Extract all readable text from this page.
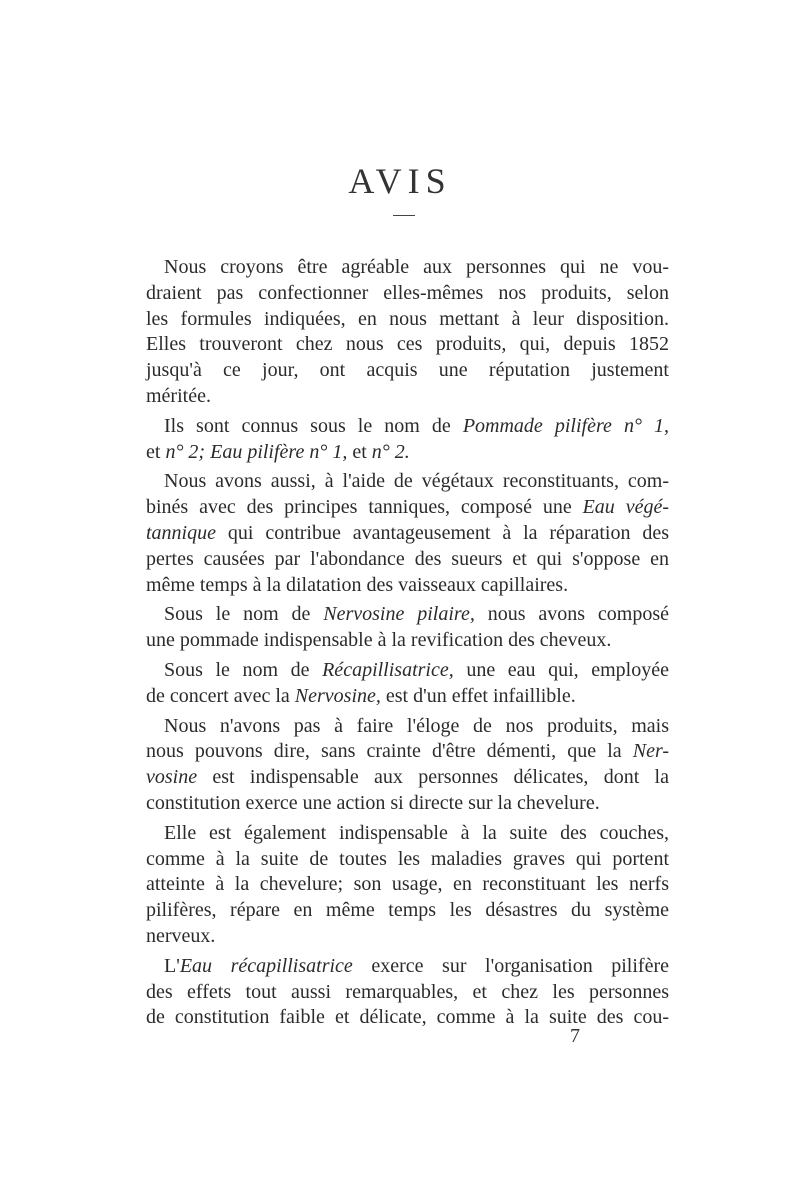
AVIS
Nous croyons être agréable aux personnes qui ne vou-
draient pas confectionner elles-mêmes nos produits, selon
les formules indiquées, en nous mettant à leur disposition.
Elles trouveront chez nous ces produits, qui, depuis 1852
jusqu'à ce jour, ont acquis une réputation justement
méritée.
Ils sont connus sous le nom de Pommade pilifère n° 1,
et n° 2; Eau pilifère n° 1, et n° 2.
Nous avons aussi, à l'aide de végétaux reconstituants, com-
binés avec des principes tanniques, composé une Eau végé-
tannique qui contribue avantageusement à la réparation des
pertes causées par l'abondance des sueurs et qui s'oppose en
même temps à la dilatation des vaisseaux capillaires.
Sous le nom de Nervosine pilaire, nous avons composé
une pommade indispensable à la revification des cheveux.
Sous le nom de Récapillisatrice, une eau qui, employée
de concert avec la Nervosine, est d'un effet infaillible.
Nous n'avons pas à faire l'éloge de nos produits, mais
nous pouvons dire, sans crainte d'être démenti, que la Ner-
vosine est indispensable aux personnes délicates, dont la
constitution exerce une action si directe sur la chevelure.
Elle est également indispensable à la suite des couches,
comme à la suite de toutes les maladies graves qui portent
atteinte à la chevelure; son usage, en reconstituant les nerfs
pilifères, répare en même temps les désastres du système
nerveux.
L'Eau récapillisatrice exerce sur l'organisation pilifère
des effets tout aussi remarquables, et chez les personnes
de constitution faible et délicate, comme à la suite des cou-
7
